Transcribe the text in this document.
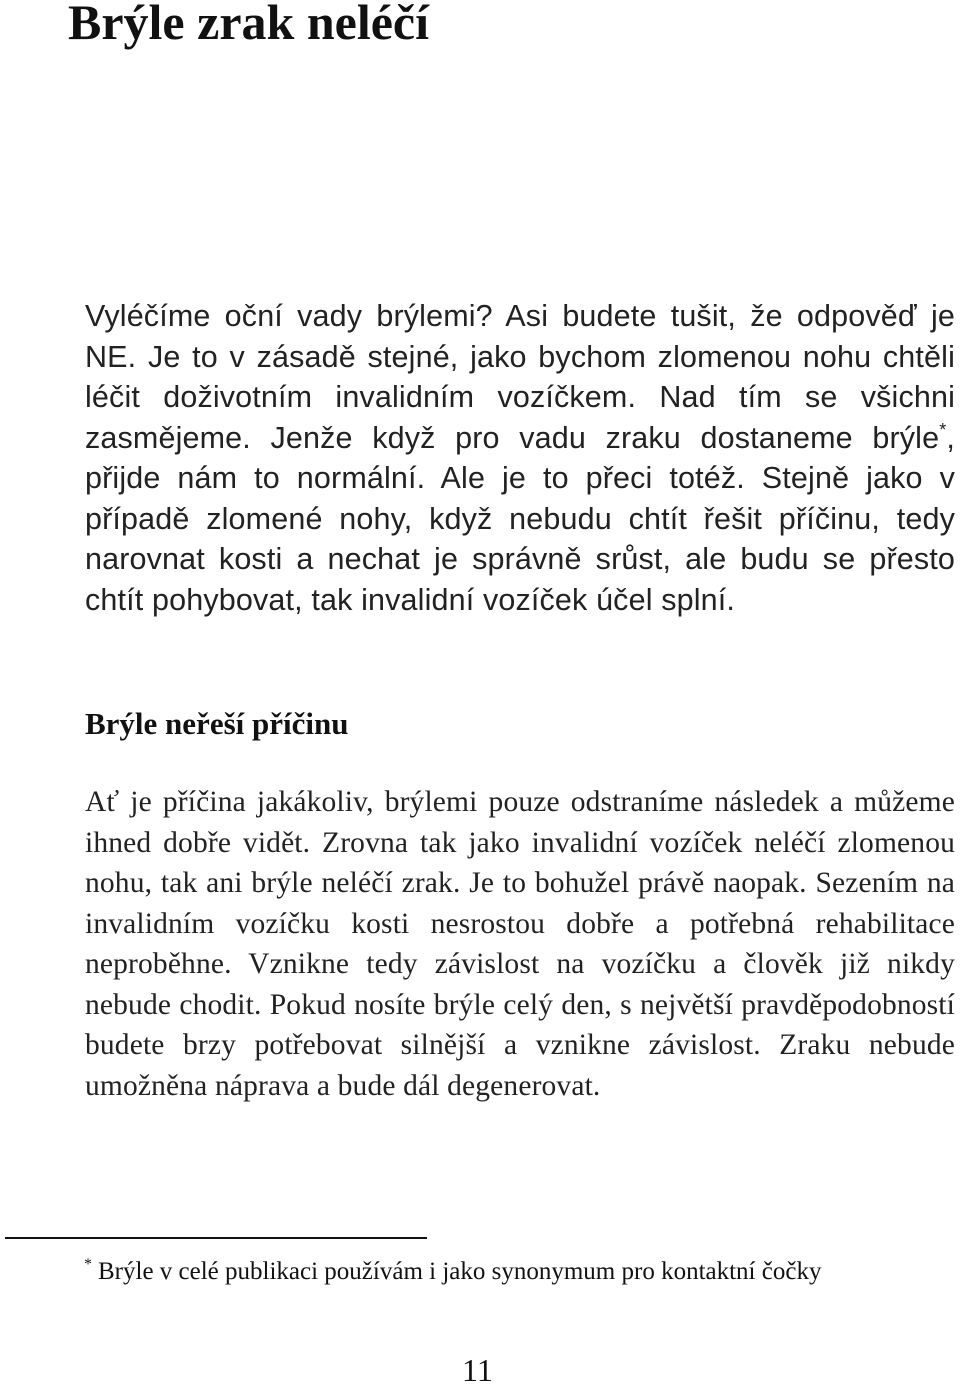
Brýle zrak neléčí

Vyléčíme oční vady brýlemi? Asi budete tušit, že odpověď je NE. Je to v zásadě stejné, jako bychom zlomenou nohu chtěli léčit doživotním invalidním vozíčkem. Nad tím se všichni zasmějeme. Jenže když pro vadu zraku dostaneme brýle*, přijde nám to normální. Ale je to přeci totéž. Stejně jako v případě zlomené nohy, když nebudu chtít řešit příčinu, tedy narovnat kosti a nechat je správně srůst, ale budu se přesto chtít pohybovat, tak invalidní vozíček účel splní.

Brýle neřeší příčinu

Ať je příčina jakákoliv, brýlemi pouze odstraníme následek a můžeme ihned dobře vidět. Zrovna tak jako invalidní vozíček neléčí zlomenou nohu, tak ani brýle neléčí zrak. Je to bohužel právě naopak. Sezením na invalidním vozíčku kosti nesrostou dobře a potřebná rehabilitace neproběhne. Vznikne tedy závislost na vozíčku a člověk již nikdy nebude chodit. Pokud nosíte brýle celý den, s největší pravděpodobností budete brzy potřebovat silnější a vznikne závislost. Zraku nebude umožněna náprava a bude dál degenerovat.

* Brýle v celé publikaci používám i jako synonymum pro kontaktní čočky

11
